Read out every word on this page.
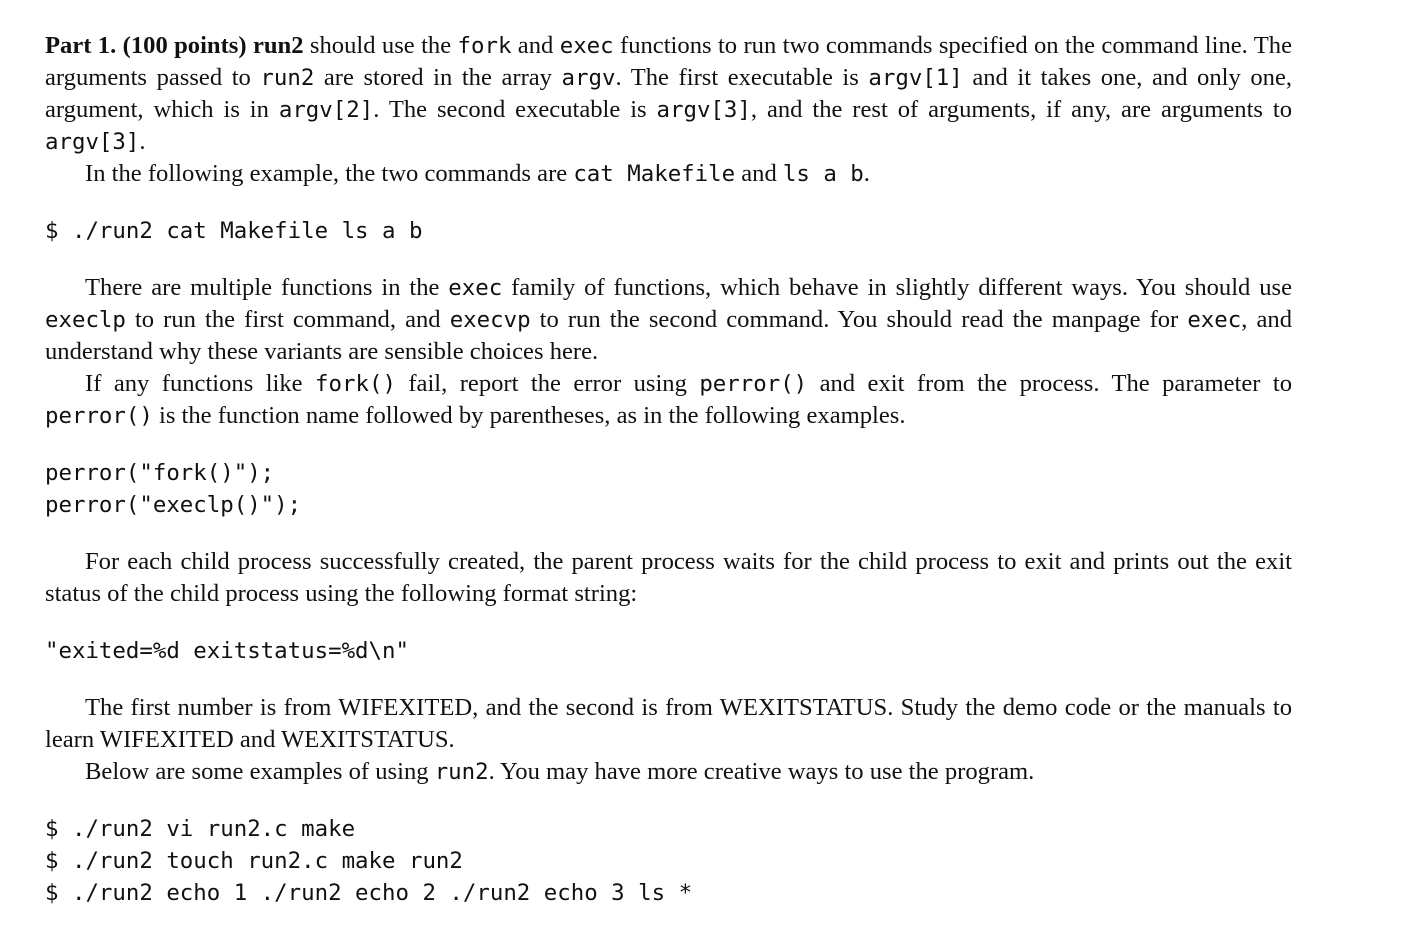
Part 1. (100 points) run2 should use the fork and exec functions to run two commands specified on the command line. The arguments passed to run2 are stored in the array argv. The first executable is argv[1] and it takes one, and only one, argument, which is in argv[2]. The second executable is argv[3], and the rest of arguments, if any, are arguments to argv[3].

In the following example, the two commands are cat Makefile and ls a b.

$ ./run2 cat Makefile ls a b

There are multiple functions in the exec family of functions, which behave in slightly different ways. You should use execlp to run the first command, and execvp to run the second command. You should read the manpage for exec, and understand why these variants are sensible choices here.

If any functions like fork() fail, report the error using perror() and exit from the process. The parameter to perror() is the function name followed by parentheses, as in the following examples.

perror("fork()");
perror("execlp()");

For each child process successfully created, the parent process waits for the child process to exit and prints out the exit status of the child process using the following format string:

"exited=%d exitstatus=%d\n"

The first number is from WIFEXITED, and the second is from WEXITSTATUS. Study the demo code or the manuals to learn WIFEXITED and WEXITSTATUS.

Below are some examples of using run2. You may have more creative ways to use the program.

$ ./run2 vi run2.c make
$ ./run2 touch run2.c make run2
$ ./run2 echo 1 ./run2 echo 2 ./run2 echo 3 ls *
